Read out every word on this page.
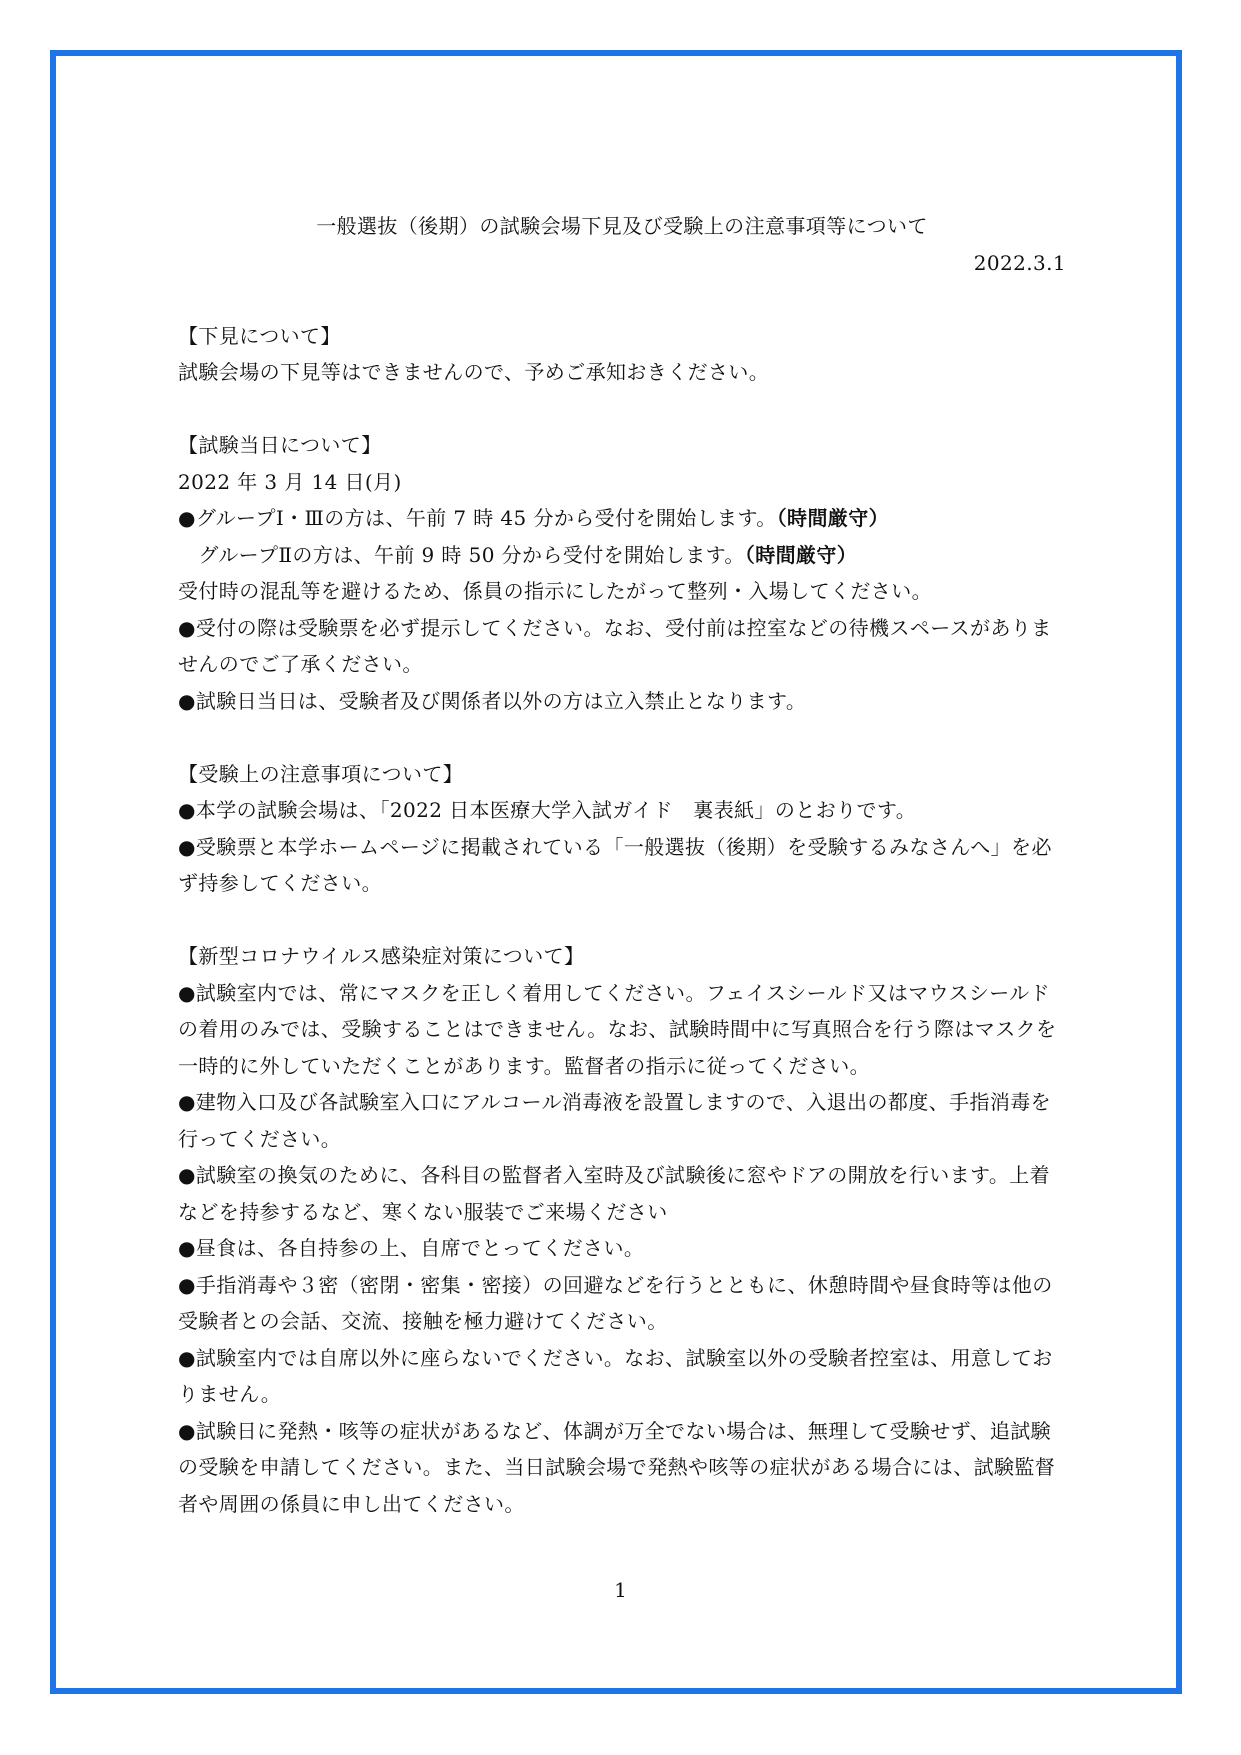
一般選抜（後期）の試験会場下見及び受験上の注意事項等について

2022.3.1

【下見について】

試験会場の下見等はできませんので、予めご承知おきください。

【試験当日について】

2022 年 3 月 14 日(月)

●グループⅠ・Ⅲの方は、午前 7 時 45 分から受付を開始します。（時間厳守）

　グループⅡの方は、午前 9 時 50 分から受付を開始します。（時間厳守）

受付時の混乱等を避けるため、係員の指示にしたがって整列・入場してください。

●受付の際は受験票を必ず提示してください。なお、受付前は控室などの待機スペースがありませんのでご了承ください。

●試験日当日は、受験者及び関係者以外の方は立入禁止となります。

【受験上の注意事項について】

●本学の試験会場は、「2022 日本医療大学入試ガイド　裏表紙」のとおりです。

●受験票と本学ホームページに掲載されている「一般選抜（後期）を受験するみなさんへ」を必ず持参してください。

【新型コロナウイルス感染症対策について】

●試験室内では、常にマスクを正しく着用してください。フェイスシールド又はマウスシールドの着用のみでは、受験することはできません。なお、試験時間中に写真照合を行う際はマスクを一時的に外していただくことがあります。監督者の指示に従ってください。

●建物入口及び各試験室入口にアルコール消毒液を設置しますので、入退出の都度、手指消毒を行ってください。

●試験室の換気のために、各科目の監督者入室時及び試験後に窓やドアの開放を行います。上着などを持参するなど、寒くない服装でご来場ください

●昼食は、各自持参の上、自席でとってください。

●手指消毒や３密（密閉・密集・密接）の回避などを行うとともに、休憩時間や昼食時等は他の受験者との会話、交流、接触を極力避けてください。

●試験室内では自席以外に座らないでください。なお、試験室以外の受験者控室は、用意しておりません。

●試験日に発熱・咳等の症状があるなど、体調が万全でない場合は、無理して受験せず、追試験の受験を申請してください。また、当日試験会場で発熱や咳等の症状がある場合には、試験監督者や周囲の係員に申し出てください。

1
